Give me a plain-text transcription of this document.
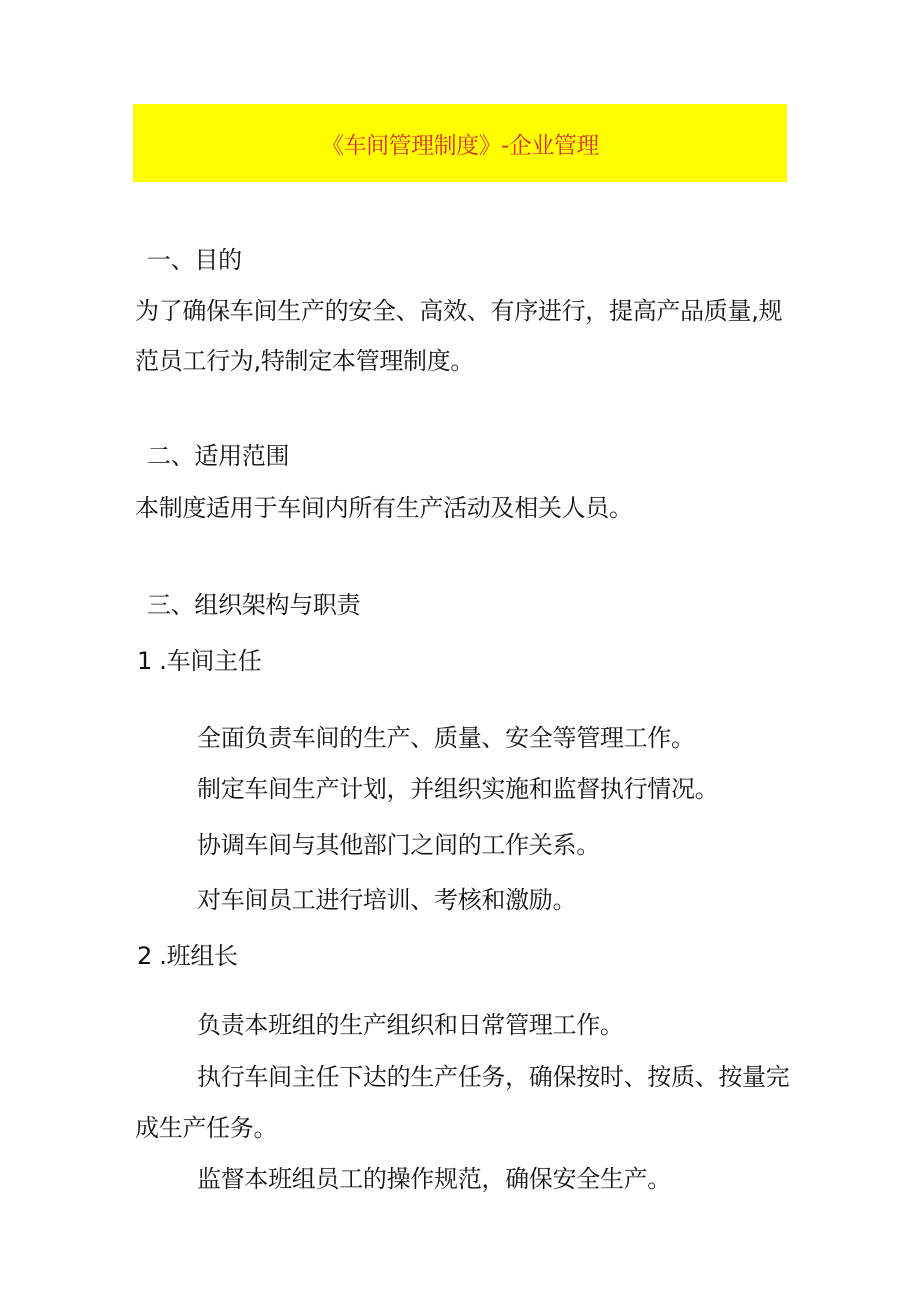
《车间管理制度》-企业管理
一、目的
为了确保车间生产的安全、高效、有序进行，提高产品质量,规
范员工行为,特制定本管理制度。
二、适用范围
本制度适用于车间内所有生产活动及相关人员。
三、组织架构与职责
1 .车间主任
全面负责车间的生产、质量、安全等管理工作。
制定车间生产计划，并组织实施和监督执行情况。
协调车间与其他部门之间的工作关系。
对车间员工进行培训、考核和激励。
2 .班组长
负责本班组的生产组织和日常管理工作。
执行车间主任下达的生产任务，确保按时、按质、按量完
成生产任务。
监督本班组员工的操作规范，确保安全生产。
